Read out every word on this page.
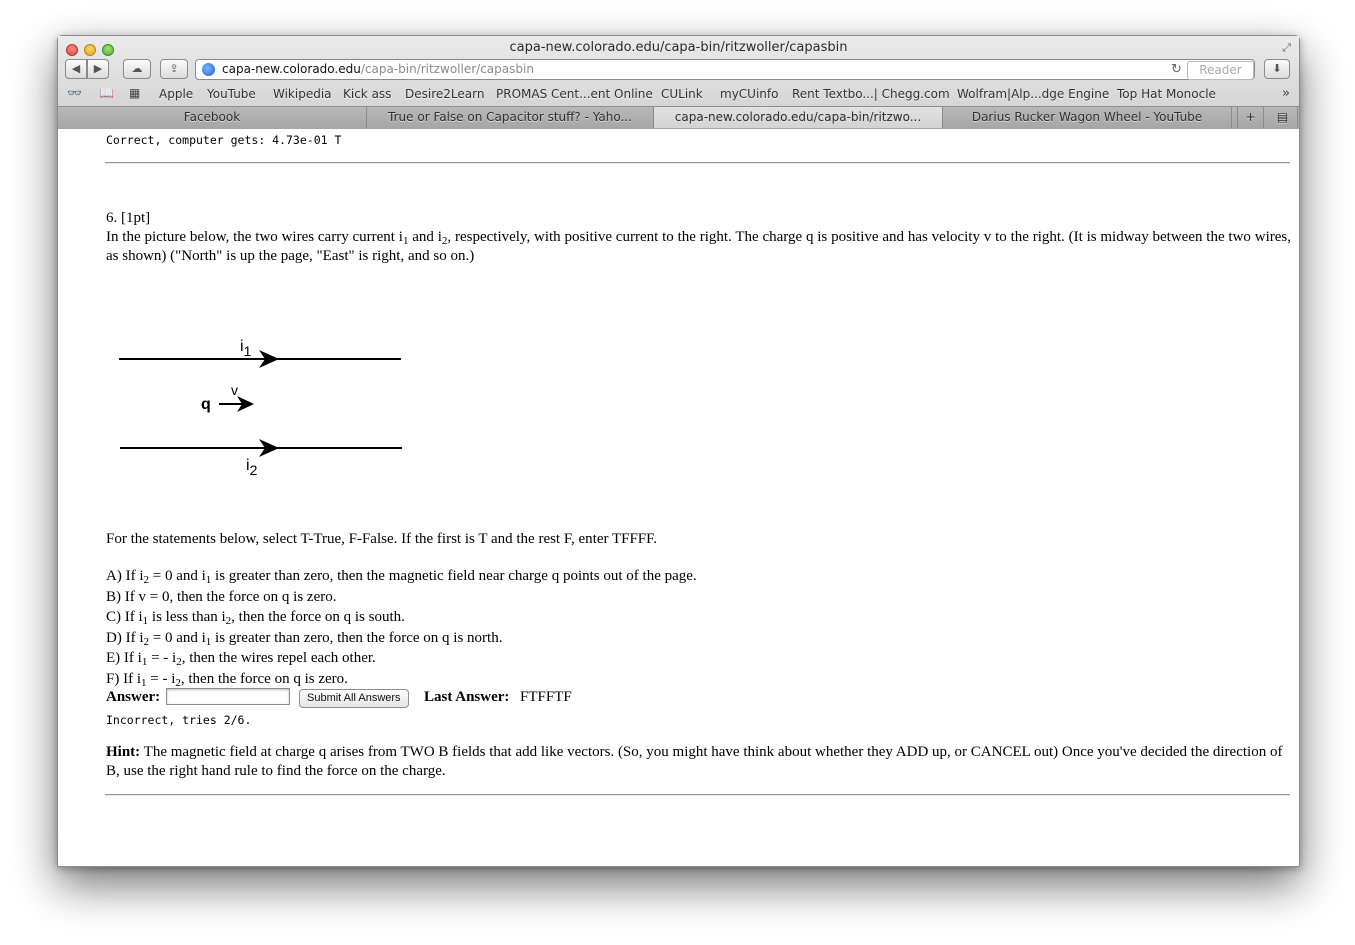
capa-new.colorado.edu/capa-bin/ritzwoller/capasbin	⤢
◀	▶	☁	⇪	capa-new.colorado.edu/capa-bin/ritzwoller/capasbin	↻	Reader	⬇
👓 📖 ▦ Apple YouTube Wikipedia Kick ass Desire2Learn PROMAS Cent...ent Online CULink myCUinfo Rent Textbo...| Chegg.com Wolfram|Alp...dge Engine Top Hat Monocle	»
Facebook	True or False on Capacitor stuff? - Yaho...	capa-new.colorado.edu/capa-bin/ritzwo...	Darius Rucker Wagon Wheel - YouTube	+	▤
Correct, computer gets: 4.73e-01 T
6. [1pt]
In the picture below, the two wires carry current $i_1$ and $i_2$, respectively, with positive current to the right. The charge q is positive and has velocity v to the right. (It is midway between the two wires, as shown) ("North" is up the page, "East" is right, and so on.)
i1
q
v
i2
For the statements below, select T-True, F-False. If the first is T and the rest F, enter TFFFF.
A) If $i_2 = 0$ and $i_1$ is greater than zero, then the magnetic field near charge q points out of the page.
B) If v = 0, then the force on q is zero.
C) If $i_1$ is less than $i_2$, then the force on q is south.
D) If $i_2 = 0$ and $i_1$ is greater than zero, then the force on q is north.
E) If $i_1$ = - $i_2$, then the wires repel each other.
F) If $i_1$ = - $i_2$, then the force on q is zero.
Answer:	Submit All Answers	Last Answer: FTFFTF
Incorrect, tries 2/6.
Hint: The magnetic field at charge q arises from TWO B fields that add like vectors. (So, you might have think about whether they ADD up, or CANCEL out) Once you've decided the direction of B, use the right hand rule to find the force on the charge.
